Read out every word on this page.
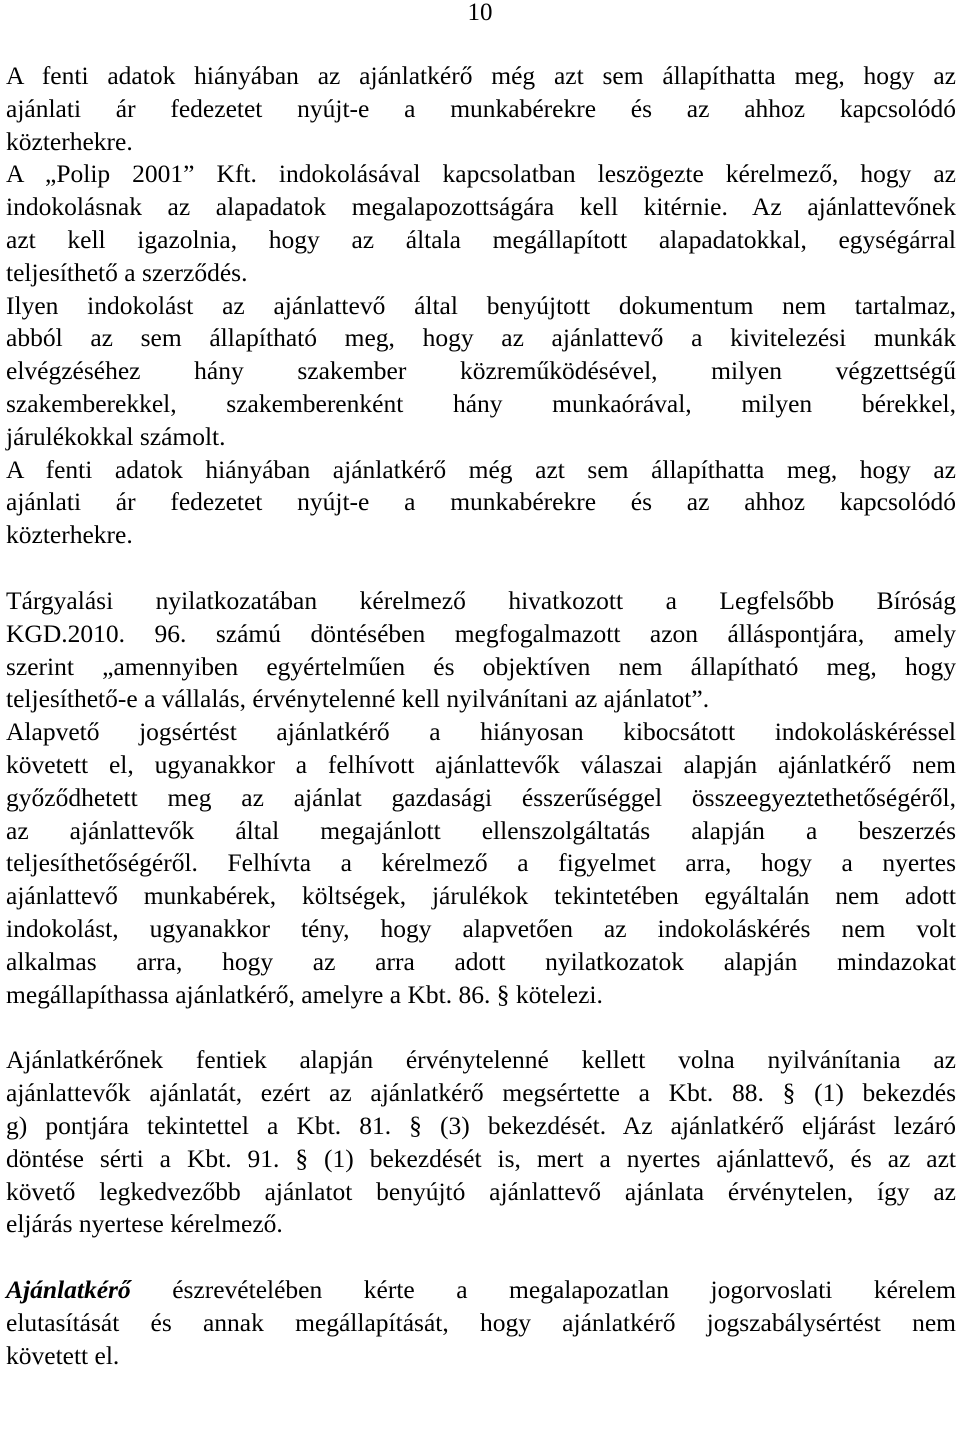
10

A fenti adatok hiányában az ajánlatkérő még azt sem állapíthatta meg, hogy az
ajánlati ár fedezetet nyújt-e a munkabérekre és az ahhoz kapcsolódó
közterhekre.

A „Polip 2001” Kft. indokolásával kapcsolatban leszögezte kérelmező, hogy az
indokolásnak az alapadatok megalapozottságára kell kitérnie. Az ajánlattevőnek
azt kell igazolnia, hogy az általa megállapított alapadatokkal, egységárral
teljesíthető a szerződés.

Ilyen indokolást az ajánlattevő által benyújtott dokumentum nem tartalmaz,
abból az sem állapítható meg, hogy az ajánlattevő a kivitelezési munkák
elvégzéséhez hány szakember közreműködésével, milyen végzettségű
szakemberekkel, szakemberenként hány munkaórával, milyen bérekkel,
járulékokkal számolt.

A fenti adatok hiányában ajánlatkérő még azt sem állapíthatta meg, hogy az
ajánlati ár fedezetet nyújt-e a munkabérekre és az ahhoz kapcsolódó
közterhekre.

Tárgyalási nyilatkozatában kérelmező hivatkozott a Legfelsőbb Bíróság
KGD.2010. 96. számú döntésében megfogalmazott azon álláspontjára, amely
szerint „amennyiben egyértelműen és objektíven nem állapítható meg, hogy
teljesíthető-e a vállalás, érvénytelenné kell nyilvánítani az ajánlatot”.

Alapvető jogsértést ajánlatkérő a hiányosan kibocsátott indokoláskéréssel
követett el, ugyanakkor a felhívott ajánlattevők válaszai alapján ajánlatkérő nem
győződhetett meg az ajánlat gazdasági ésszerűséggel összeegyeztethetőségéről,
az ajánlattevők által megajánlott ellenszolgáltatás alapján a beszerzés
teljesíthetőségéről. Felhívta a kérelmező a figyelmet arra, hogy a nyertes
ajánlattevő munkabérek, költségek, járulékok tekintetében egyáltalán nem adott
indokolást, ugyanakkor tény, hogy alapvetően az indokoláskérés nem volt
alkalmas arra, hogy az arra adott nyilatkozatok alapján mindazokat
megállapíthassa ajánlatkérő, amelyre a Kbt. 86. § kötelezi.

Ajánlatkérőnek fentiek alapján érvénytelenné kellett volna nyilvánítania az
ajánlattevők ajánlatát, ezért az ajánlatkérő megsértette a Kbt. 88. § (1) bekezdés
g) pontjára tekintettel a Kbt. 81. § (3) bekezdését. Az ajánlatkérő eljárást lezáró
döntése sérti a Kbt. 91. § (1) bekezdését is, mert a nyertes ajánlattevő, és az azt
követő legkedvezőbb ajánlatot benyújtó ajánlattevő ajánlata érvénytelen, így az
eljárás nyertese kérelmező.

Ajánlatkérő észrevételében kérte a megalapozatlan jogorvoslati kérelem
elutasítását és annak megállapítását, hogy ajánlatkérő jogszabálysértést nem
követett el.
